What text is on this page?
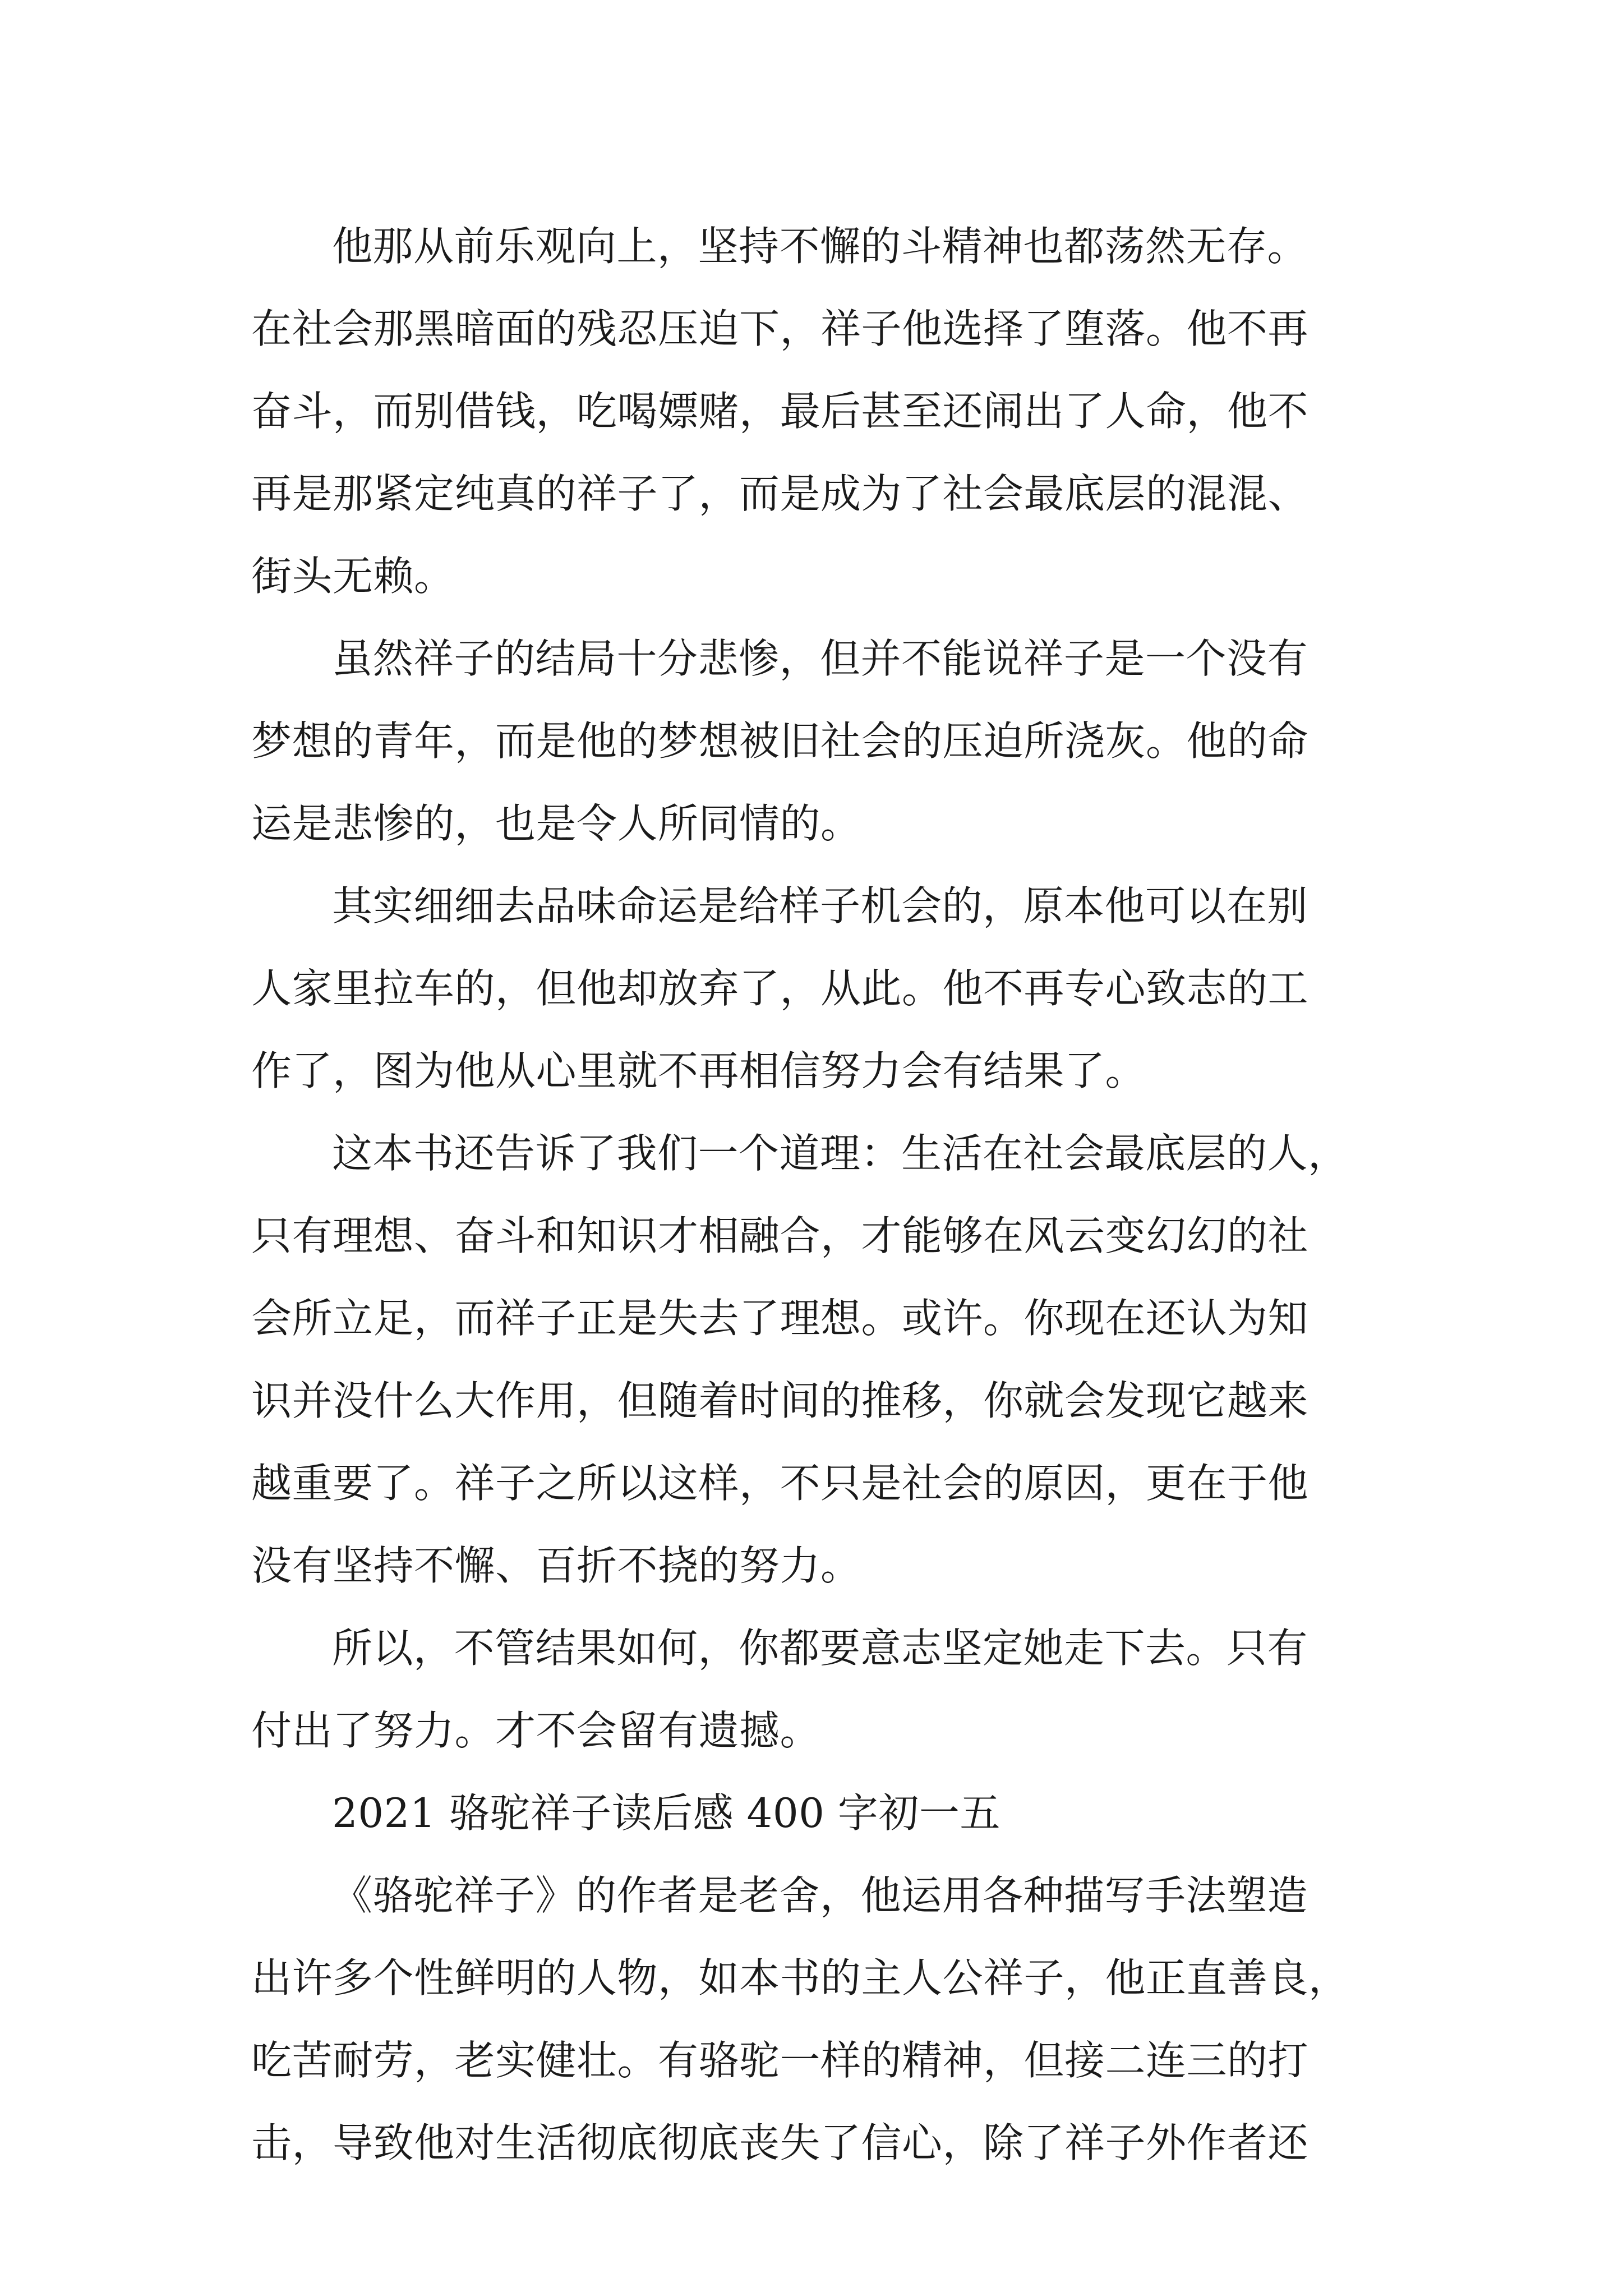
他那从前乐观向上，坚持不懈的斗精神也都荡然无存。
在社会那黑暗面的残忍压迫下，祥子他选择了堕落。他不再
奋斗，而别借钱，吃喝嫖赌，最后甚至还闹出了人命，他不
再是那紧定纯真的祥子了，而是成为了社会最底层的混混、
街头无赖。
虽然祥子的结局十分悲惨，但并不能说祥子是一个没有
梦想的青年，而是他的梦想被旧社会的压迫所浇灰。他的命
运是悲惨的，也是令人所同情的。
其实细细去品味命运是给样子机会的，原本他可以在别
人家里拉车的，但他却放弃了，从此。他不再专心致志的工
作了，图为他从心里就不再相信努力会有结果了。
这本书还告诉了我们一个道理：生活在社会最底层的人，
只有理想、奋斗和知识才相融合，才能够在风云变幻幻的社
会所立足，而祥子正是失去了理想。或许。你现在还认为知
识并没什么大作用，但随着时间的推移，你就会发现它越来
越重要了。祥子之所以这样，不只是社会的原因，更在于他
没有坚持不懈、百折不挠的努力。
所以，不管结果如何，你都要意志坚定她走下去。只有
付出了努力。才不会留有遗撼。
2021 骆驼祥子读后感 400 字初一五
《骆驼祥子》的作者是老舍，他运用各种描写手法塑造
出许多个性鲜明的人物，如本书的主人公祥子，他正直善良，
吃苦耐劳，老实健壮。有骆驼一样的精神，但接二连三的打
击，导致他对生活彻底彻底丧失了信心，除了祥子外作者还
